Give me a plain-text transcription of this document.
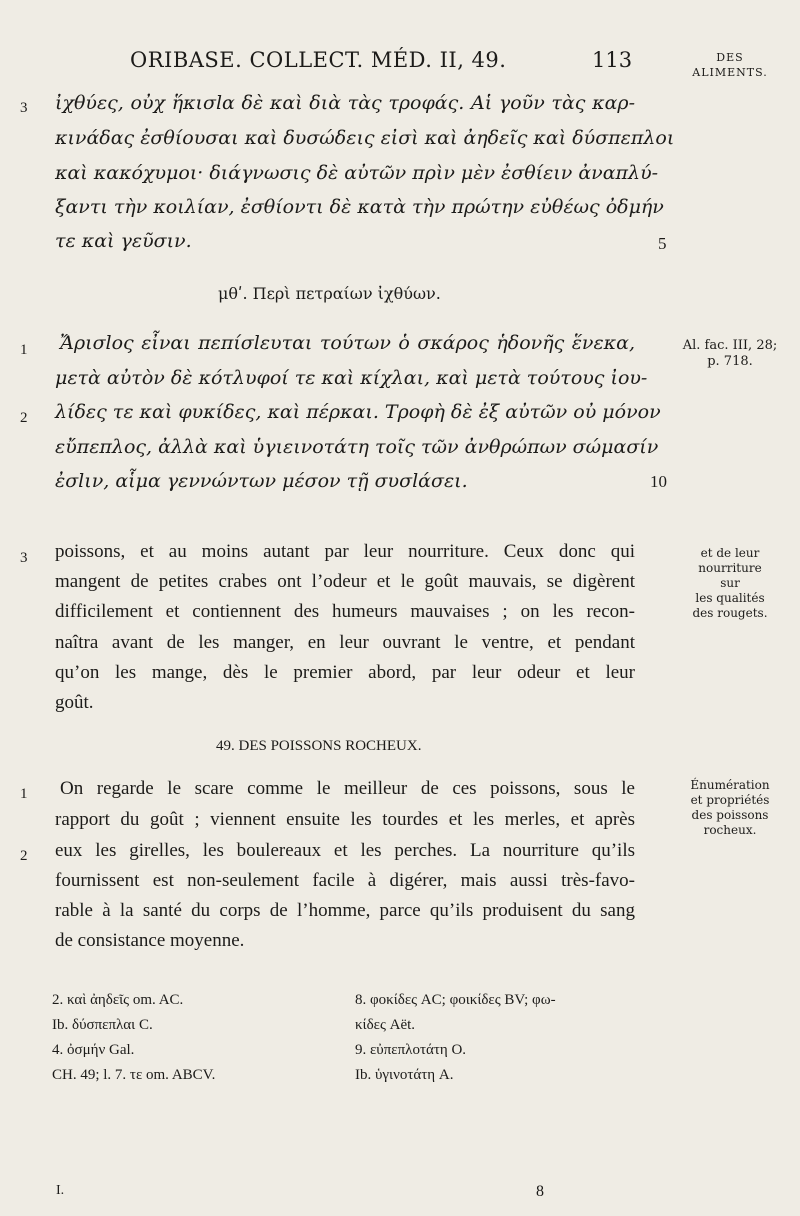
ORIBASE. COLLECT. MÉD. II, 49.	113	DES
ALIMENTS.
Al. fac. III, 28;
p. 718.
et de leur
nourriture
sur
les qualités
des rougets.
Énumération
et propriétés
des poissons
rocheux.

3 ἰχθύες, οὐχ ἥκισlα δὲ καὶ διὰ τὰς τροφάς. Αἱ γοῦν τὰς καρ-

κινάδας ἐσθίουσαι καὶ δυσώδεις εἰσὶ καὶ ἀηδεῖς καὶ δύσπεπλοι

καὶ κακόχυμοι· διάγνωσις δὲ αὐτῶν πρὶν μὲν ἐσθίειν ἀναπλύ-

ξαντι τὴν κοιλίαν, ἐσθίοντι δὲ κατὰ τὴν πρώτην εὐθέως ὀδμήν

τε καὶ γεῦσιν.	5

μθʹ. Περὶ πετραίων ἰχθύων.

1 Ἄρισlος εἶναι πεπίσlευται τούτων ὁ σκάρος ἡδονῆς ἕνεκα,

μετὰ αὐτὸν δὲ κότλυφοί τε καὶ κίχλαι, καὶ μετὰ τούτους ἰου-

2 λίδες τε καὶ φυκίδες, καὶ πέρκαι. Τροφὴ δὲ ἐξ αὐτῶν οὐ μόνον

εὔπεπλος, ἀλλὰ καὶ ὑγιεινοτάτη τοῖς τῶν ἀνθρώπων σώμασίν

ἐσlιν, αἷμα γεννώντων μέσον τῇ συσlάσει.	10

3 poissons, et au moins autant par leur nourriture. Ceux donc qui

mangent de petites crabes ont l’odeur et le goût mauvais, se digèrent

difficilement et contiennent des humeurs mauvaises ; on les recon-

naîtra avant de les manger, en leur ouvrant le ventre, et pendant

qu’on les mange, dès le premier abord, par leur odeur et leur

goût.

49. DES POISSONS ROCHEUX.

1 On regarde le scare comme le meilleur de ces poissons, sous le

rapport du goût ; viennent ensuite les tourdes et les merles, et après

2 eux les girelles, les boulereaux et les perches. La nourriture qu’ils

fournissent est non-seulement facile à digérer, mais aussi très-favo-

rable à la santé du corps de l’homme, parce qu’ils produisent du sang

de consistance moyenne.

2. καὶ ἀηδεῖς om. AC.

Ib. δύσπεπλαι C.

4. ὀσμήν Gal.

CH. 49; l. 7. τε om. ABCV.

8. φοκίδες AC; φοικίδες BV; φω-

κίδες Aët.

9. εὐπεπλοτάτη O.

Ib. ὑγινοτάτη A.

I.	8
